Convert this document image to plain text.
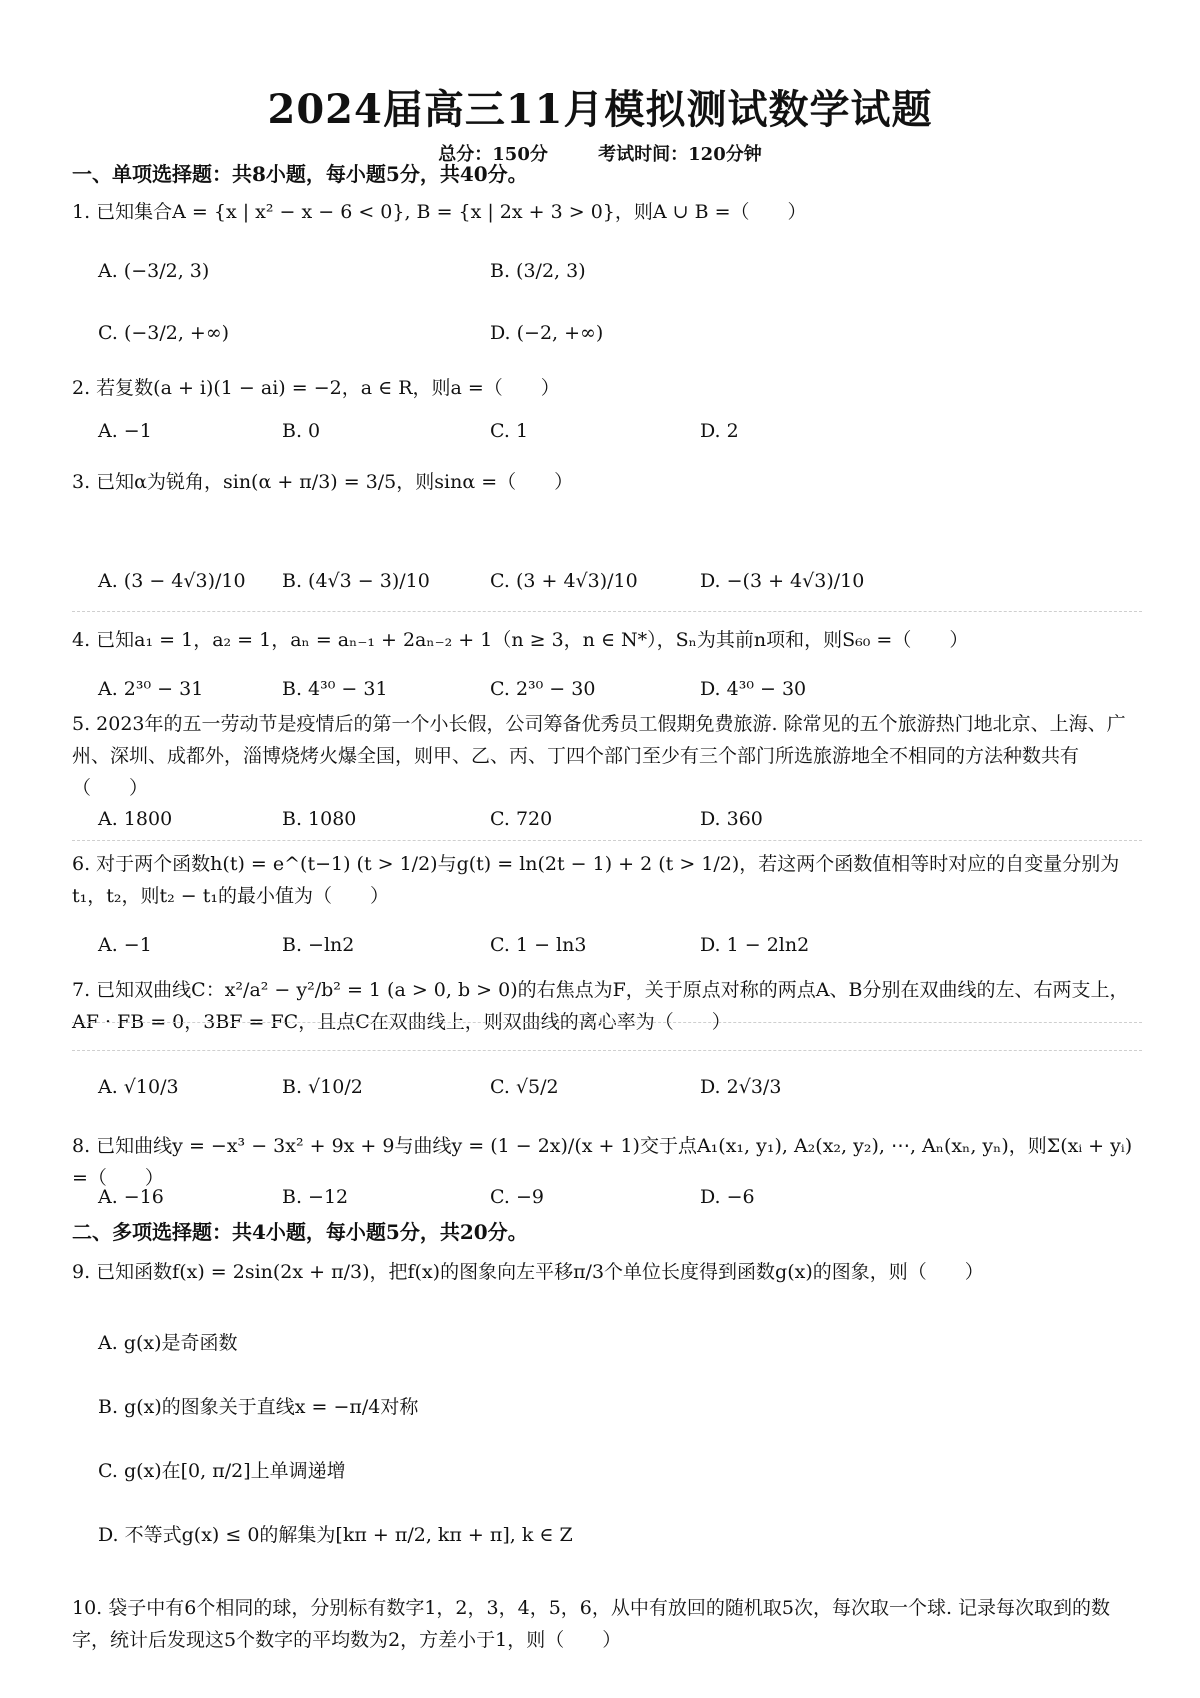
2024届高三11月模拟测试数学试题
总分：150分	考试时间：120分钟
一、单项选择题：共8小题，每小题5分，共40分。
1. 已知集合A = {x | x² − x − 6 < 0}, B = {x | 2x + 3 > 0}，则A ∪ B =（　　）
A. (−3/2, 3)	B. (3/2, 3)
C. (−3/2, +∞)	D. (−2, +∞)
2. 若复数(a + i)(1 − ai) = −2，a ∈ R，则a =（　　）
A. −1	B. 0	C. 1	D. 2
3. 已知α为锐角，sin(α + π/3) = 3/5，则sinα =（　　）
A. (3 − 4√3)/10 B. (4√3 − 3)/10	C. (3 + 4√3)/10	D. −(3 + 4√3)/10
4. 已知a₁ = 1，a₂ = 1，aₙ = aₙ₋₁ + 2aₙ₋₂ + 1（n ≥ 3，n ∈ N*），Sₙ为其前n项和，则S₆₀ =（　　）
A. 2³⁰ − 31	B. 4³⁰ − 31	C. 2³⁰ − 30	D. 4³⁰ − 30
5. 2023年的五一劳动节是疫情后的第一个小长假，公司筹备优秀员工假期免费旅游. 除常见的五个旅游热门地北京、上海、广州、深圳、成都外，淄博烧烤火爆全国，则甲、乙、丙、丁四个部门至少有三个部门所选旅游地全不相同的方法种数共有（　　）
A. 1800	B. 1080	C. 720	D. 360
6. 对于两个函数h(t) = e^(t−1) (t > 1/2)与g(t) = ln(2t − 1) + 2 (t > 1/2)，若这两个函数值相等时对应的自变量分别为t₁，t₂，则t₂ − t₁的最小值为（　　）
A. −1	B. −ln2	C. 1 − ln3	D. 1 − 2ln2
7. 已知双曲线C：x²/a² − y²/b² = 1 (a > 0, b > 0)的右焦点为F，关于原点对称的两点A、B分别在双曲线的左、右两支上，AF · FB = 0，3BF = FC，且点C在双曲线上，则双曲线的离心率为（　　）
A. √10/3	B. √10/2	C. √5/2	D. 2√3/3
8. 已知曲线y = −x³ − 3x² + 9x + 9与曲线y = (1 − 2x)/(x + 1)交于点A₁(x₁, y₁), A₂(x₂, y₂), ⋯, Aₙ(xₙ, yₙ)，则Σ(xᵢ + yᵢ) =（　　）
A. −16	B. −12	C. −9	D. −6
二、多项选择题：共4小题，每小题5分，共20分。
9. 已知函数f(x) = 2sin(2x + π/3)，把f(x)的图象向左平移π/3个单位长度得到函数g(x)的图象，则（　　）
A. g(x)是奇函数
B. g(x)的图象关于直线x = −π/4对称
C. g(x)在[0, π/2]上单调递增
D. 不等式g(x) ≤ 0的解集为[kπ + π/2, kπ + π], k ∈ Z
10. 袋子中有6个相同的球，分别标有数字1，2，3，4，5，6，从中有放回的随机取5次，每次取一个球. 记录每次取到的数字，统计后发现这5个数字的平均数为2，方差小于1，则（　　）
